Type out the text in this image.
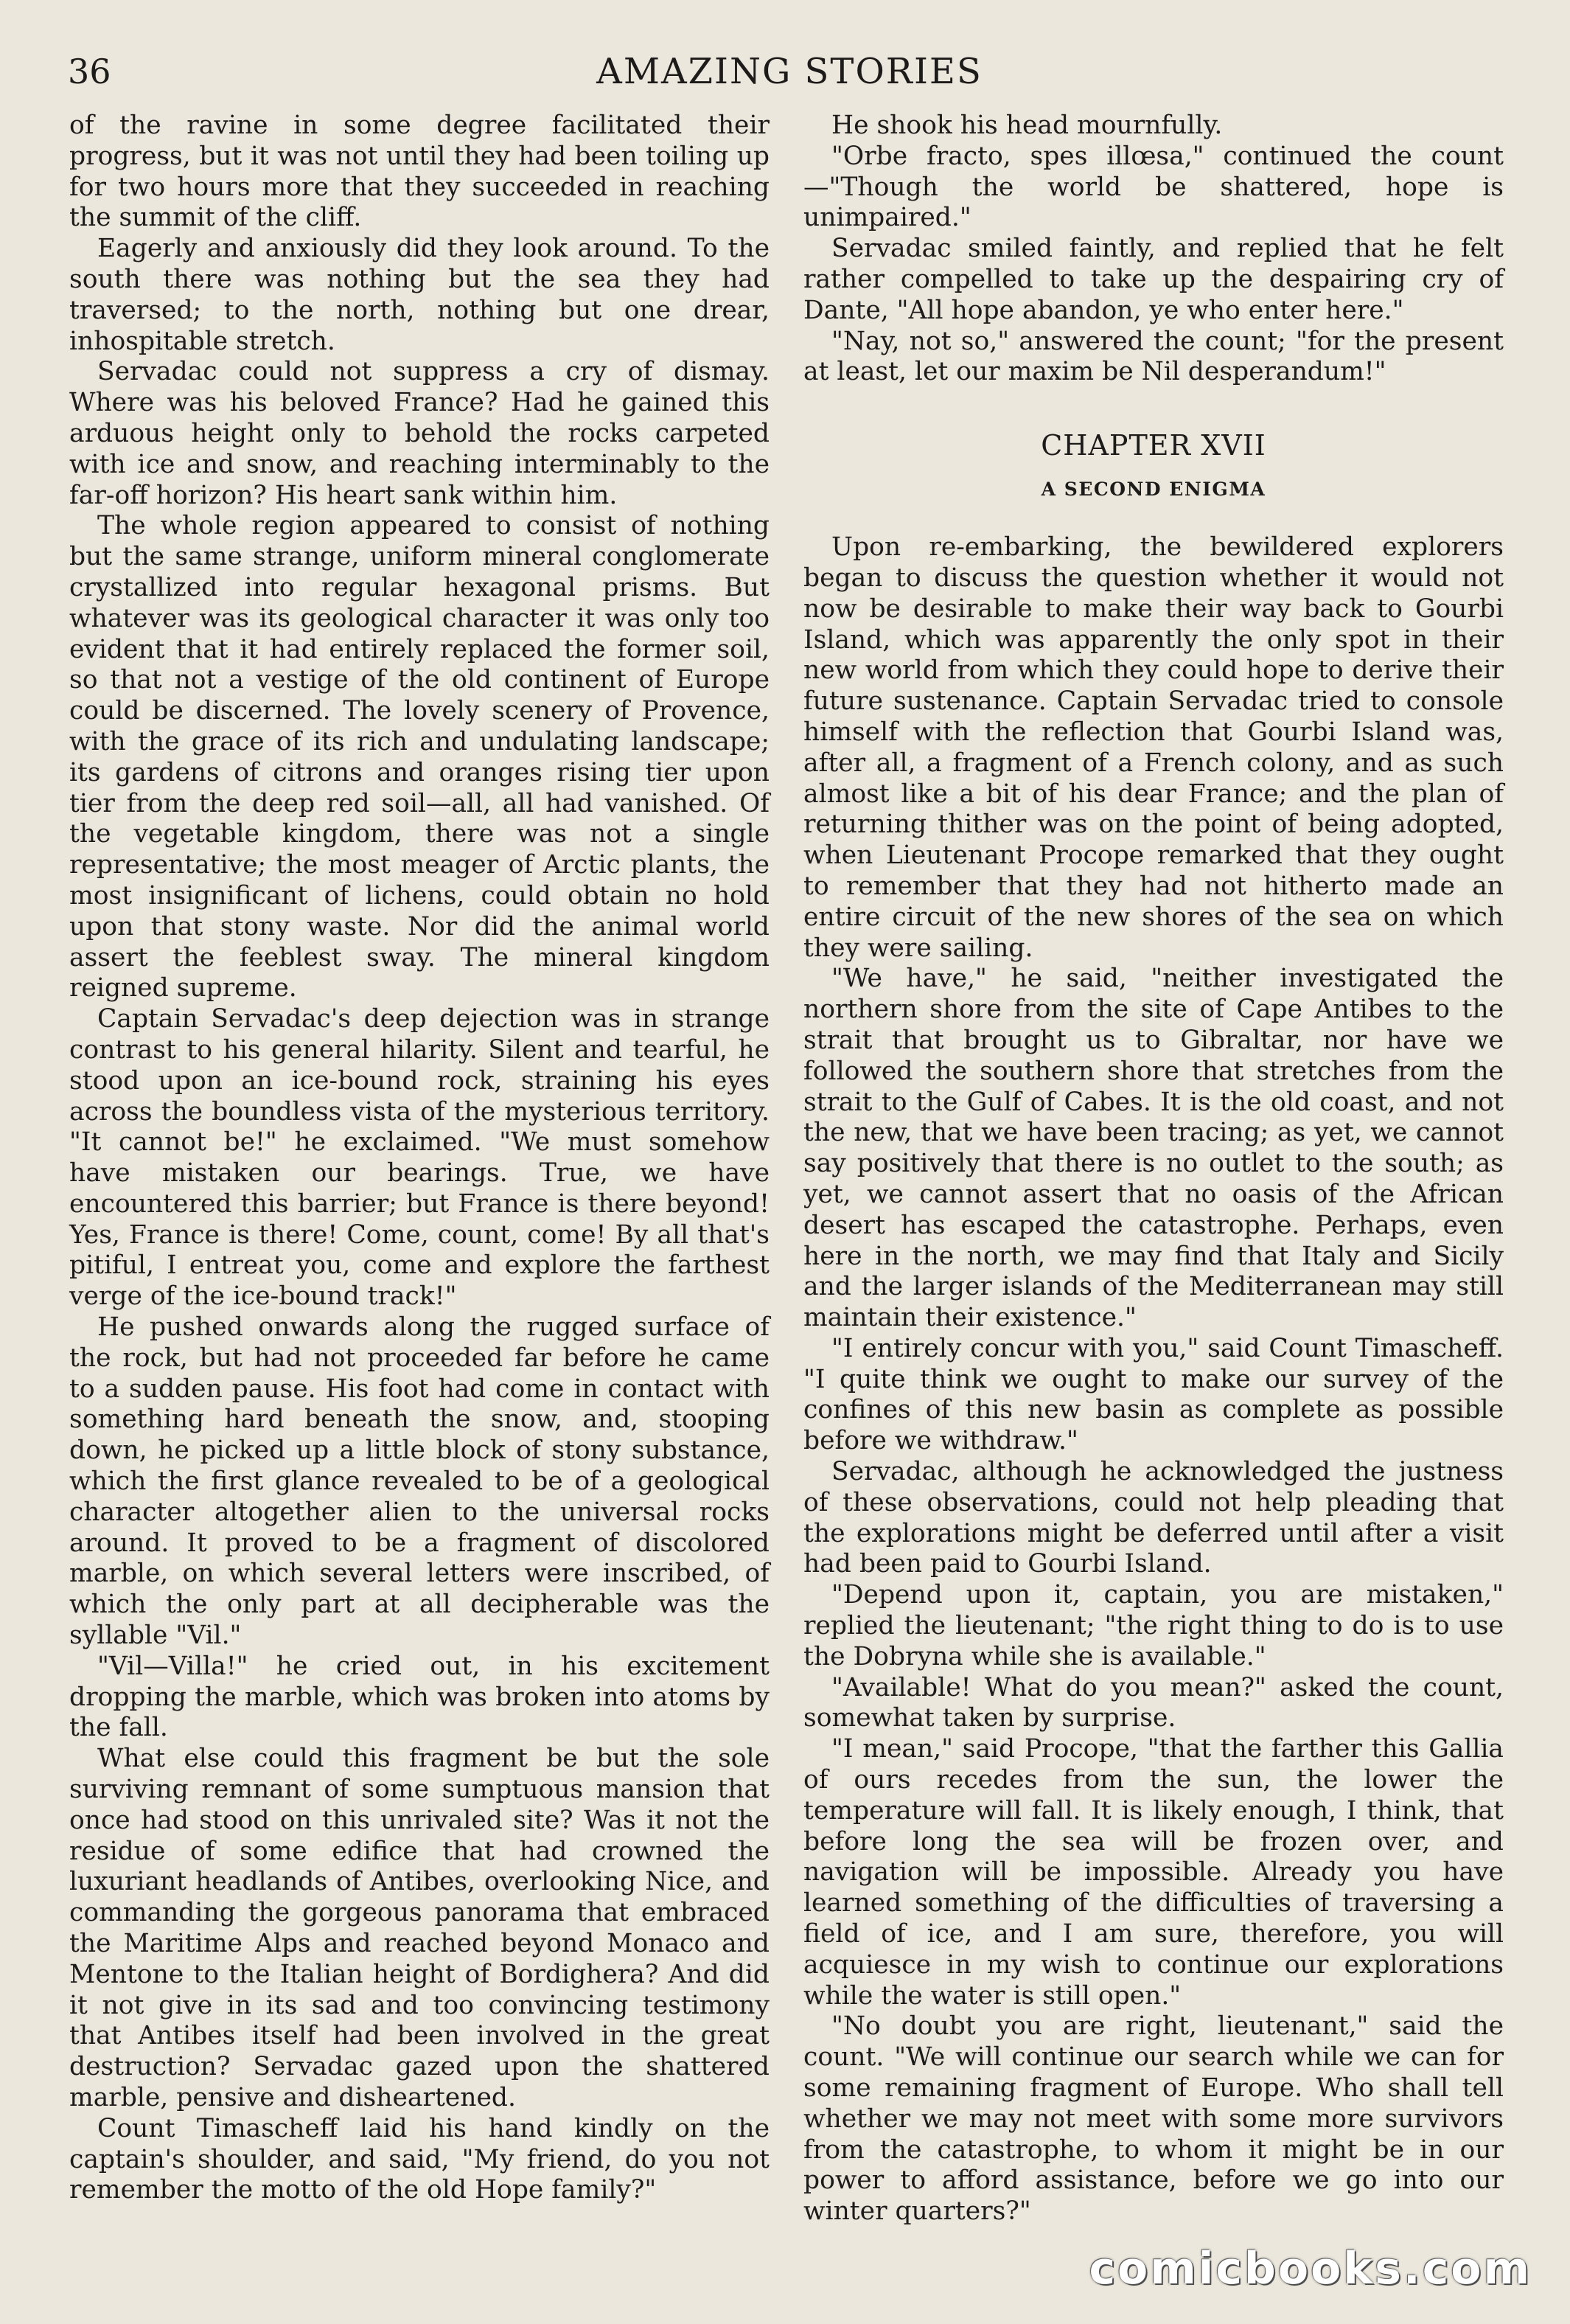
36	AMAZING STORIES

of the ravine in some degree facilitated their progress, but it was not until they had been toiling up for two hours more that they succeeded in reaching the summit of the cliff.

Eagerly and anxiously did they look around. To the south there was nothing but the sea they had traversed; to the north, nothing but one drear, inhospitable stretch.

Servadac could not suppress a cry of dismay. Where was his beloved France? Had he gained this arduous height only to behold the rocks carpeted with ice and snow, and reaching interminably to the far-off horizon? His heart sank within him.

The whole region appeared to consist of nothing but the same strange, uniform mineral conglomerate crystallized into regular hexagonal prisms. But whatever was its geological character it was only too evident that it had entirely replaced the former soil, so that not a vestige of the old continent of Europe could be discerned. The lovely scenery of Provence, with the grace of its rich and undulating landscape; its gardens of citrons and oranges rising tier upon tier from the deep red soil—all, all had vanished. Of the vegetable kingdom, there was not a single representative; the most meager of Arctic plants, the most insignificant of lichens, could obtain no hold upon that stony waste. Nor did the animal world assert the feeblest sway. The mineral kingdom reigned supreme.

Captain Servadac's deep dejection was in strange contrast to his general hilarity. Silent and tearful, he stood upon an ice-bound rock, straining his eyes across the boundless vista of the mysterious territory. "It cannot be!" he exclaimed. "We must somehow have mistaken our bearings. True, we have encountered this barrier; but France is there beyond! Yes, France is there! Come, count, come! By all that's pitiful, I entreat you, come and explore the farthest verge of the ice-bound track!"

He pushed onwards along the rugged surface of the rock, but had not proceeded far before he came to a sudden pause. His foot had come in contact with something hard beneath the snow, and, stooping down, he picked up a little block of stony substance, which the first glance revealed to be of a geological character altogether alien to the universal rocks around. It proved to be a fragment of discolored marble, on which several letters were inscribed, of which the only part at all decipherable was the syllable "Vil."

"Vil—Villa!" he cried out, in his excitement dropping the marble, which was broken into atoms by the fall.

What else could this fragment be but the sole surviving remnant of some sumptuous mansion that once had stood on this unrivaled site? Was it not the residue of some edifice that had crowned the luxuriant headlands of Antibes, overlooking Nice, and commanding the gorgeous panorama that embraced the Maritime Alps and reached beyond Monaco and Mentone to the Italian height of Bordighera? And did it not give in its sad and too convincing testimony that Antibes itself had been involved in the great destruction? Servadac gazed upon the shattered marble, pensive and disheartened.

Count Timascheff laid his hand kindly on the captain's shoulder, and said, "My friend, do you not remember the motto of the old Hope family?"

He shook his head mournfully.

"Orbe fracto, spes illœsa," continued the count—"Though the world be shattered, hope is unimpaired."

Servadac smiled faintly, and replied that he felt rather compelled to take up the despairing cry of Dante, "All hope abandon, ye who enter here."

"Nay, not so," answered the count; "for the present at least, let our maxim be Nil desperandum!"

CHAPTER XVII
A SECOND ENIGMA

Upon re-embarking, the bewildered explorers began to discuss the question whether it would not now be desirable to make their way back to Gourbi Island, which was apparently the only spot in their new world from which they could hope to derive their future sustenance. Captain Servadac tried to console himself with the reflection that Gourbi Island was, after all, a fragment of a French colony, and as such almost like a bit of his dear France; and the plan of returning thither was on the point of being adopted, when Lieutenant Procope remarked that they ought to remember that they had not hitherto made an entire circuit of the new shores of the sea on which they were sailing.

"We have," he said, "neither investigated the northern shore from the site of Cape Antibes to the strait that brought us to Gibraltar, nor have we followed the southern shore that stretches from the strait to the Gulf of Cabes. It is the old coast, and not the new, that we have been tracing; as yet, we cannot say positively that there is no outlet to the south; as yet, we cannot assert that no oasis of the African desert has escaped the catastrophe. Perhaps, even here in the north, we may find that Italy and Sicily and the larger islands of the Mediterranean may still maintain their existence."

"I entirely concur with you," said Count Timascheff. "I quite think we ought to make our survey of the confines of this new basin as complete as possible before we withdraw."

Servadac, although he acknowledged the justness of these observations, could not help pleading that the explorations might be deferred until after a visit had been paid to Gourbi Island.

"Depend upon it, captain, you are mistaken," replied the lieutenant; "the right thing to do is to use the Dobryna while she is available."

"Available! What do you mean?" asked the count, somewhat taken by surprise.

"I mean," said Procope, "that the farther this Gallia of ours recedes from the sun, the lower the temperature will fall. It is likely enough, I think, that before long the sea will be frozen over, and navigation will be impossible. Already you have learned something of the difficulties of traversing a field of ice, and I am sure, therefore, you will acquiesce in my wish to continue our explorations while the water is still open."

"No doubt you are right, lieutenant," said the count. "We will continue our search while we can for some remaining fragment of Europe. Who shall tell whether we may not meet with some more survivors from the catastrophe, to whom it might be in our power to afford assistance, before we go into our winter quarters?"

comicbooks.com
